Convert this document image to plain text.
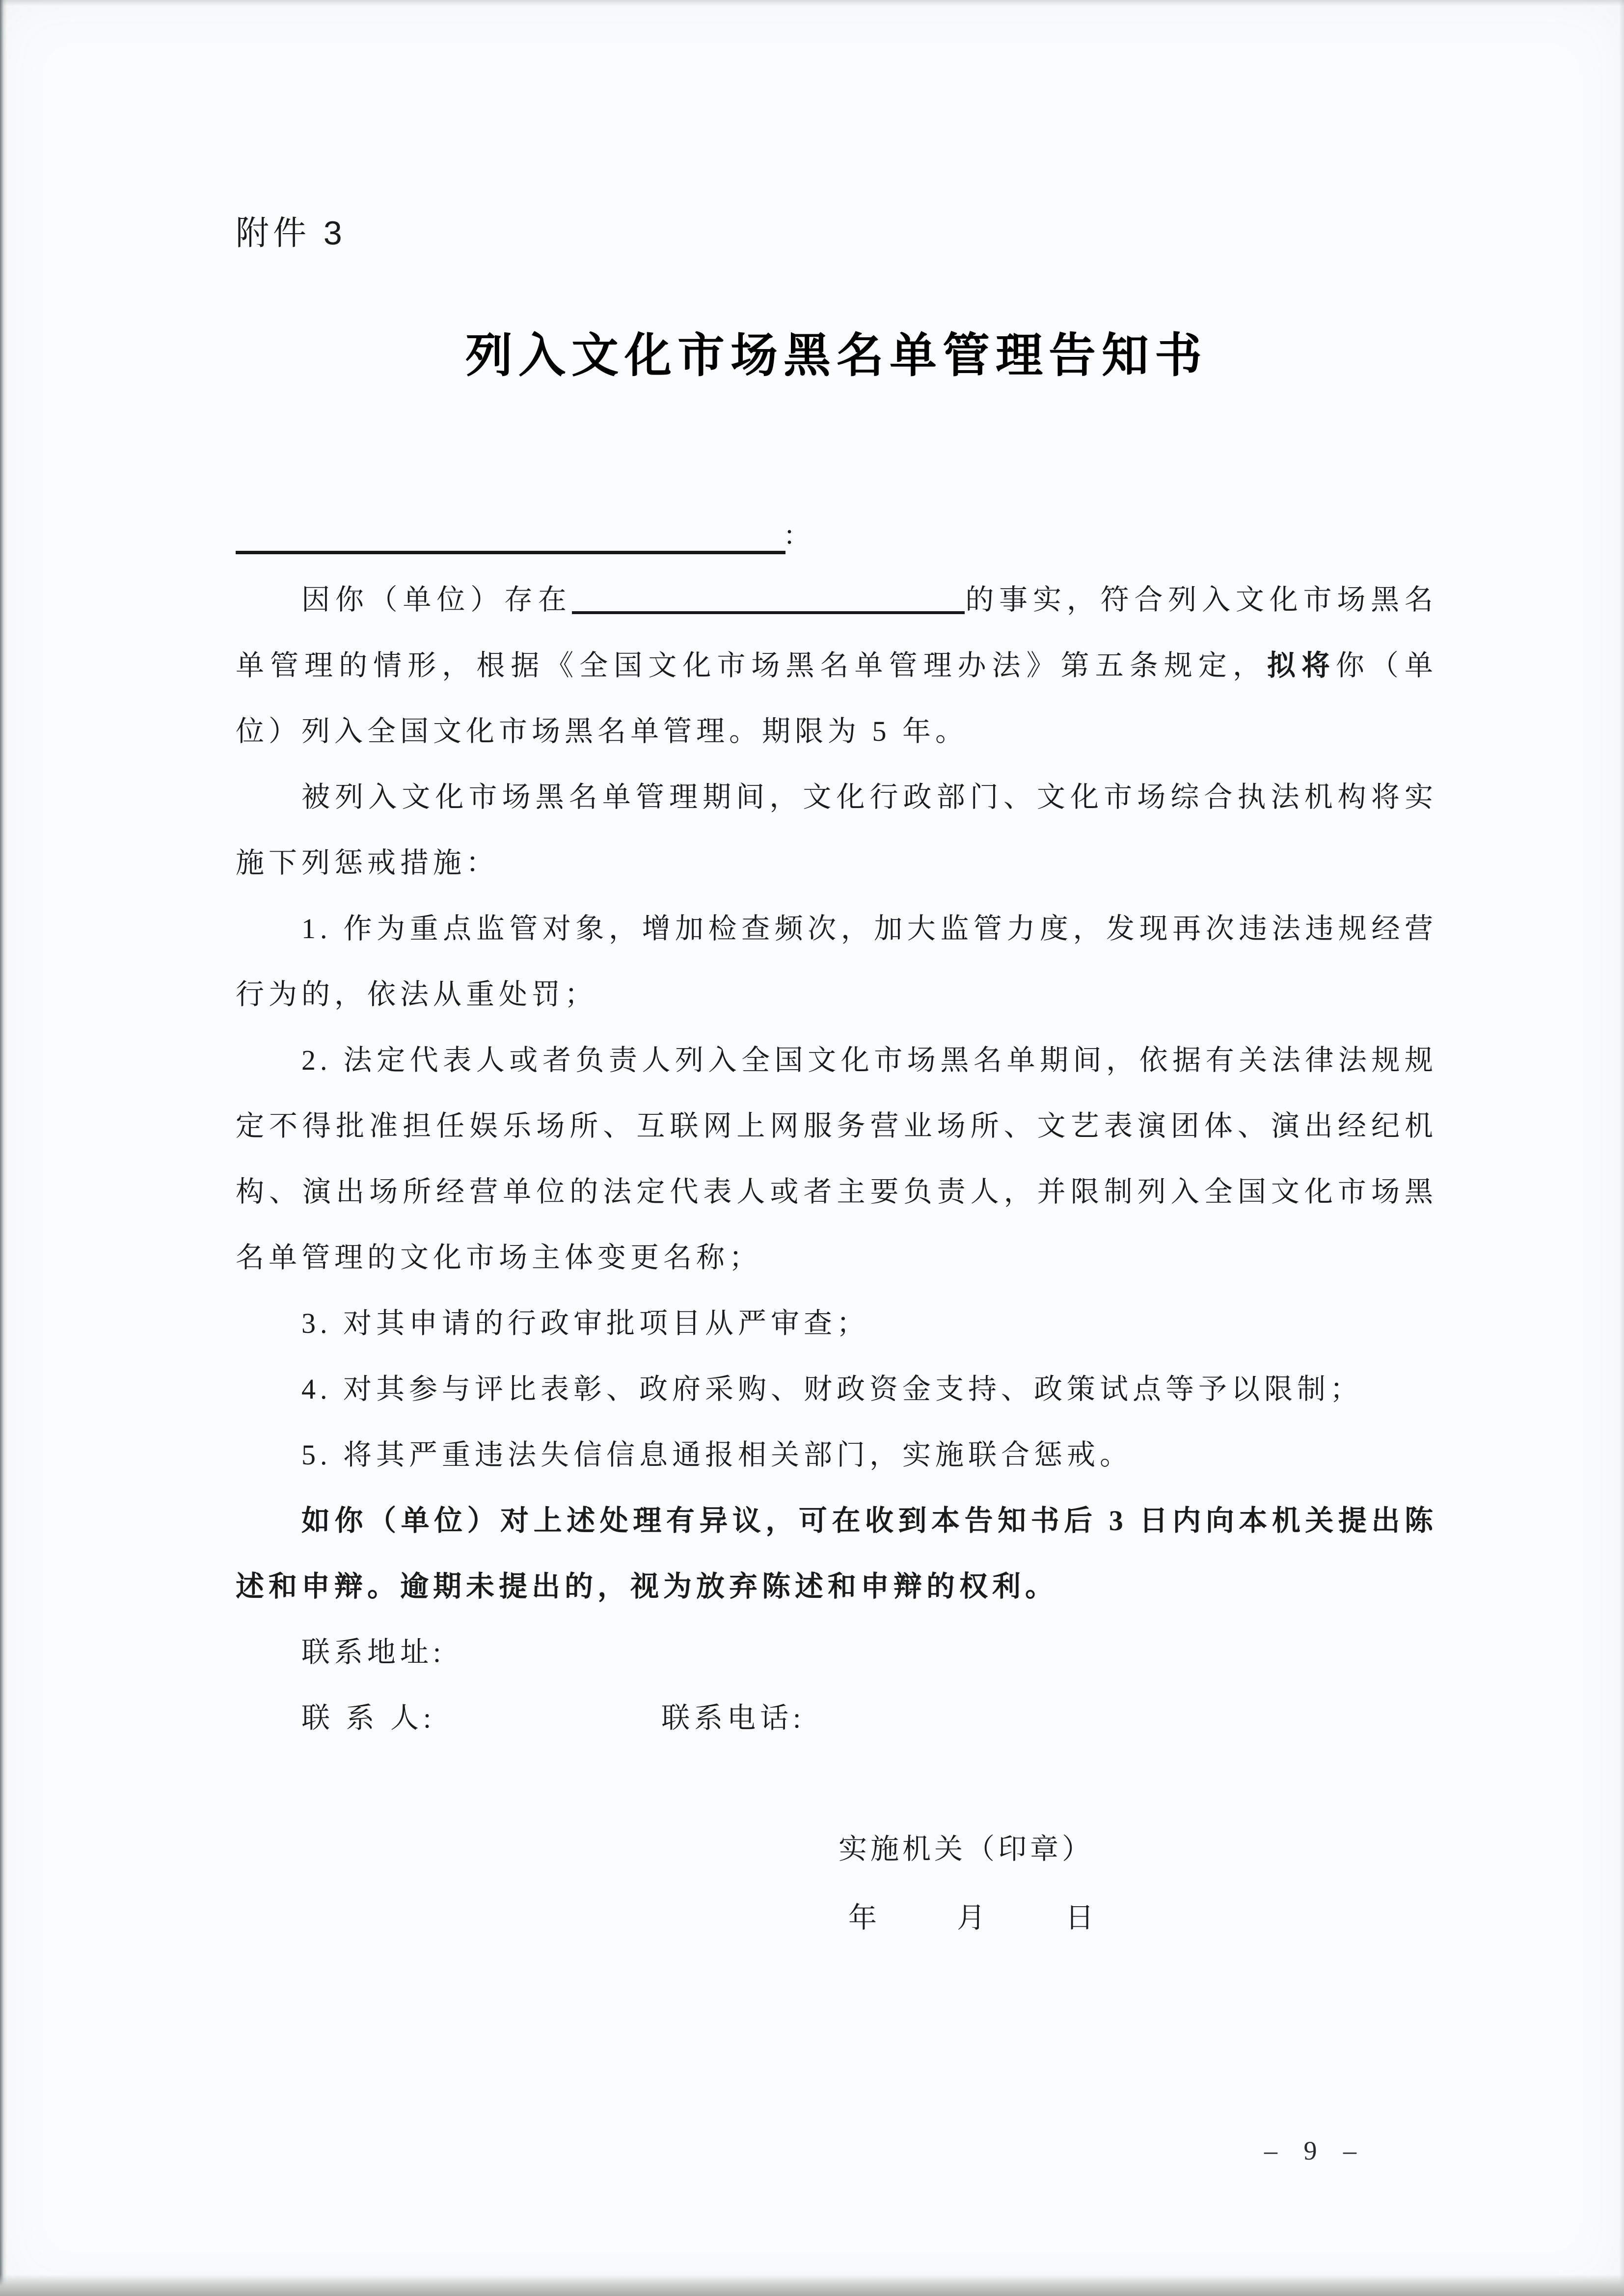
附件 3
列入文化市场黑名单管理告知书
:

因你（单位）存在	的事实，符合列入文化市场黑名单管理的情形，根据《全国文化市场黑名单管理办法》第五条规定，拟将你（单位）列入全国文化市场黑名单管理。期限为 5 年。

被列入文化市场黑名单管理期间，文化行政部门、文化市场综合执法机构将实施下列惩戒措施：

1. 作为重点监管对象，增加检查频次，加大监管力度，发现再次违法违规经营行为的，依法从重处罚；

2. 法定代表人或者负责人列入全国文化市场黑名单期间，依据有关法律法规规定不得批准担任娱乐场所、互联网上网服务营业场所、文艺表演团体、演出经纪机构、演出场所经营单位的法定代表人或者主要负责人，并限制列入全国文化市场黑名单管理的文化市场主体变更名称；

3. 对其申请的行政审批项目从严审查；

4. 对其参与评比表彰、政府采购、财政资金支持、政策试点等予以限制；

5. 将其严重违法失信信息通报相关部门，实施联合惩戒。

如你（单位）对上述处理有异议，可在收到本告知书后 3 日内向本机关提出陈述和申辩。逾期未提出的，视为放弃陈述和申辩的权利。

联系地址:
联 系 人:	联系电话:
实施机关（印章）
年	月	日
– 9 –
